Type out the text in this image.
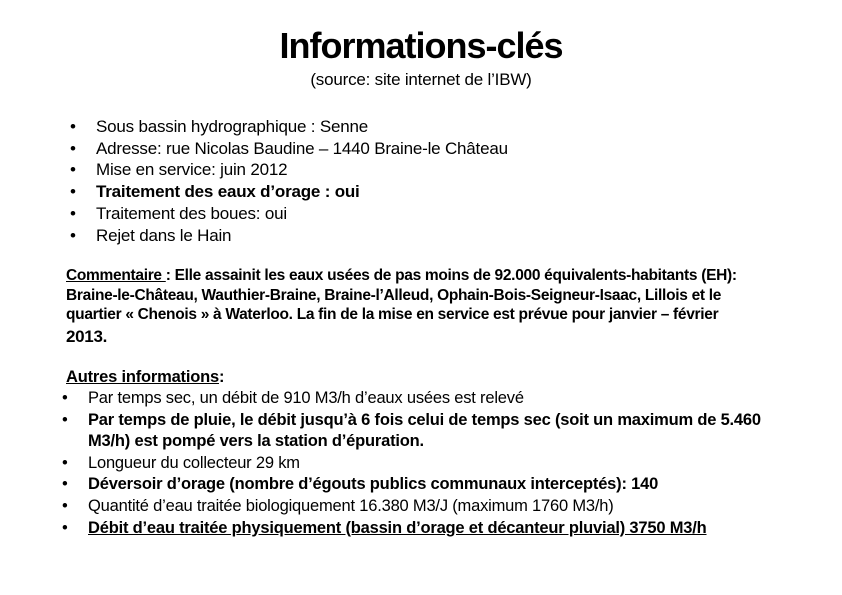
Informations-clés
(source: site internet de l’IBW)
•	Sous bassin hydrographique : Senne
•	Adresse: rue Nicolas Baudine – 1440 Braine-le Château
•	Mise en service: juin 2012
•	Traitement des eaux d’orage : oui
•	Traitement des boues: oui
•	Rejet dans le Hain
Commentaire : Elle assainit les eaux usées de pas moins de 92.000 équivalents-habitants (EH):
Braine-le-Château, Wauthier-Braine, Braine-l’Alleud, Ophain-Bois-Seigneur-Isaac, Lillois et le
quartier « Chenois » à Waterloo. La fin de la mise en service est prévue pour janvier – février
2013.
Autres informations:
•	Par temps sec, un débit de 910 M3/h d’eaux usées est relevé
•	Par temps de pluie, le débit jusqu’à 6 fois celui de temps sec (soit un maximum de 5.460
M3/h) est pompé vers la station d’épuration.
•	Longueur du collecteur 29 km
•	Déversoir d’orage (nombre d’égouts publics communaux interceptés): 140
•	Quantité d’eau traitée biologiquement 16.380 M3/J (maximum 1760 M3/h)
•	Débit d’eau traitée physiquement (bassin d’orage et décanteur pluvial) 3750 M3/h
